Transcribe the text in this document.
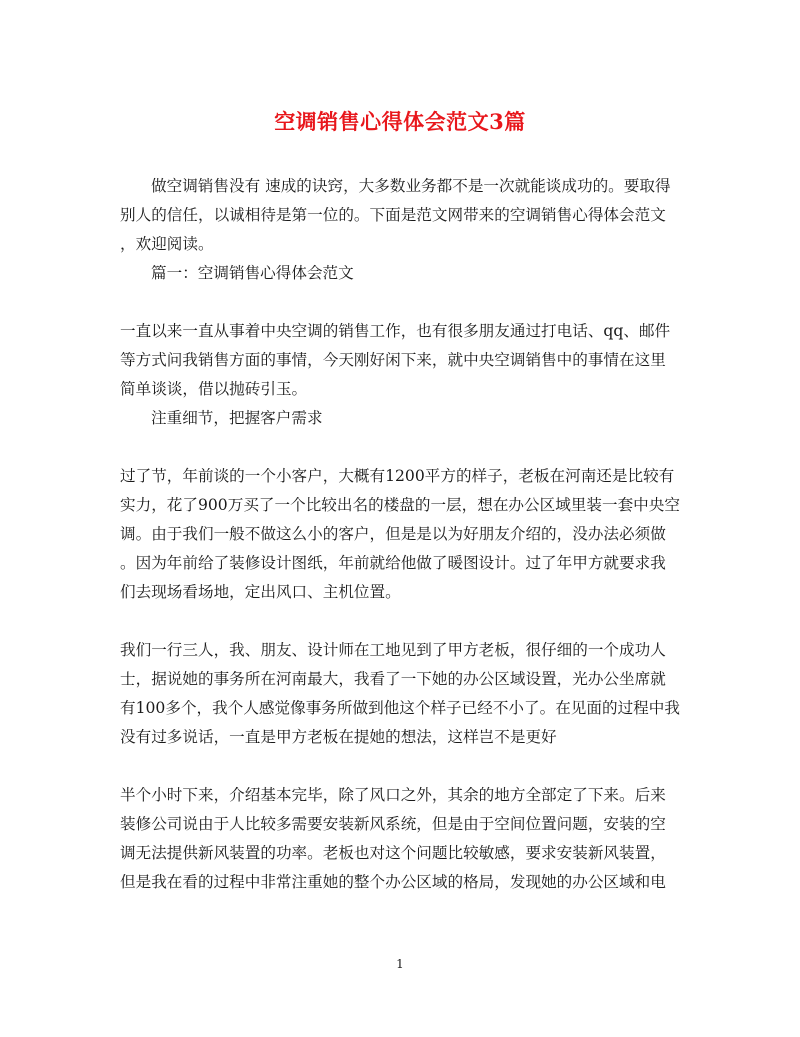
空调销售心得体会范文3篇
做空调销售没有 速成的诀窍，大多数业务都不是一次就能谈成功的。要取得
别人的信任，以诚相待是第一位的。下面是范文网带来的空调销售心得体会范文
，欢迎阅读。
篇一：空调销售心得体会范文
一直以来一直从事着中央空调的销售工作，也有很多朋友通过打电话、qq、邮件
等方式问我销售方面的事情，今天刚好闲下来，就中央空调销售中的事情在这里
简单谈谈，借以抛砖引玉。
注重细节，把握客户需求
过了节，年前谈的一个小客户，大概有1200平方的样子，老板在河南还是比较有
实力，花了900万买了一个比较出名的楼盘的一层，想在办公区域里装一套中央空
调。由于我们一般不做这么小的客户，但是是以为好朋友介绍的，没办法必须做
。因为年前给了装修设计图纸，年前就给他做了暖图设计。过了年甲方就要求我
们去现场看场地，定出风口、主机位置。
我们一行三人，我、朋友、设计师在工地见到了甲方老板，很仔细的一个成功人
士，据说她的事务所在河南最大，我看了一下她的办公区域设置，光办公坐席就
有100多个，我个人感觉像事务所做到他这个样子已经不小了。在见面的过程中我
没有过多说话，一直是甲方老板在提她的想法，这样岂不是更好
半个小时下来，介绍基本完毕，除了风口之外，其余的地方全部定了下来。后来
装修公司说由于人比较多需要安装新风系统，但是由于空间位置问题，安装的空
调无法提供新风装置的功率。老板也对这个问题比较敏感，要求安装新风装置，
但是我在看的过程中非常注重她的整个办公区域的格局，发现她的办公区域和电
1
